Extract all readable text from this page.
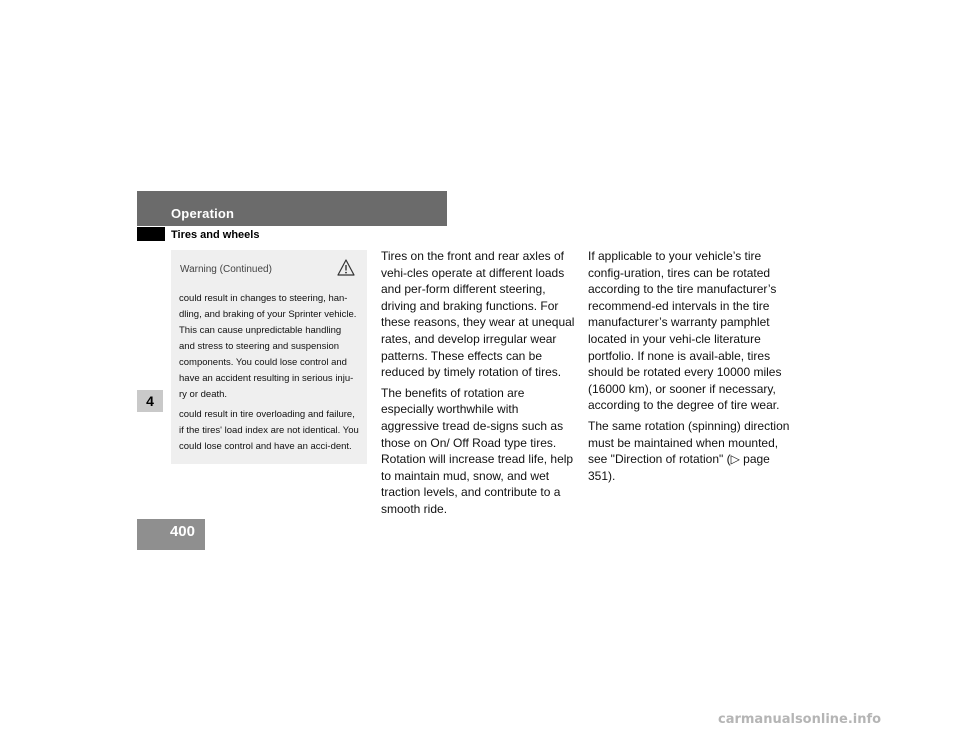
Operation
Tires and wheels
4
400
Warning (Continued)

could result in changes to steering, han-dling, and braking of your Sprinter vehicle. This can cause unpredictable handling and stress to steering and suspension components. You could lose control and have an accident resulting in serious inju-ry or death.

could result in tire overloading and failure, if the tires' load index are not identical. You could lose control and have an acci-dent.

Tires on the front and rear axles of vehi-cles operate at different loads and per-form different steering, driving and braking functions. For these reasons, they wear at unequal rates, and develop irregular wear patterns. These effects can be reduced by timely rotation of tires.

The benefits of rotation are especially worthwhile with aggressive tread de-signs such as those on On/ Off Road type tires. Rotation will increase tread life, help to maintain mud, snow, and wet traction levels, and contribute to a smooth ride.

If applicable to your vehicle’s tire config-uration, tires can be rotated according to the tire manufacturer’s recommend-ed intervals in the tire manufacturer’s warranty pamphlet located in your vehi-cle literature portfolio. If none is avail-able, tires should be rotated every 10000 miles (16000 km), or sooner if necessary, according to the degree of tire wear.

The same rotation (spinning) direction must be maintained when mounted, see "Direction of rotation" (▷ page 351).

carmanualsonline.info
